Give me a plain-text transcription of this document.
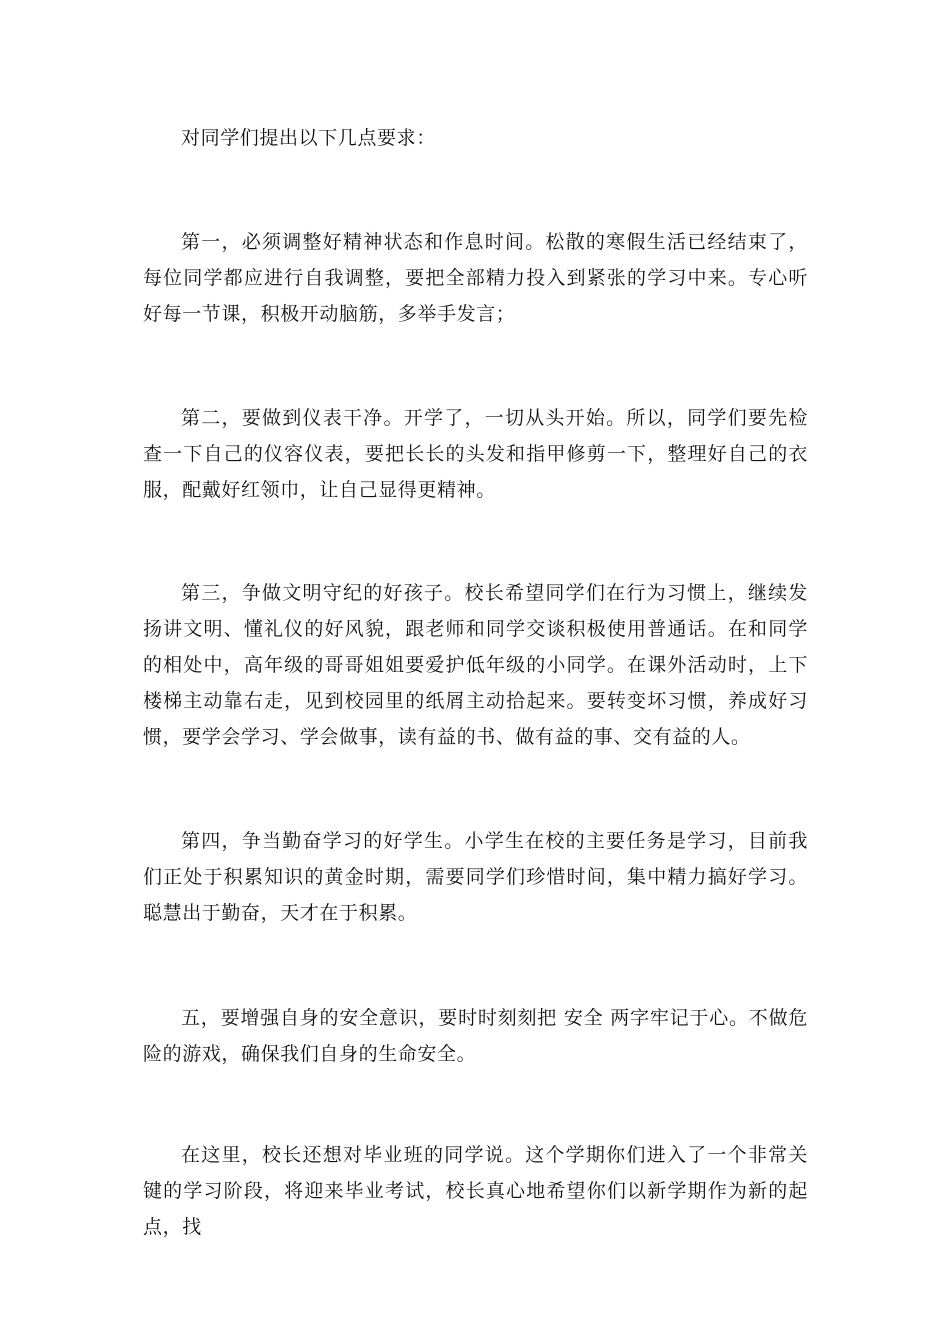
对同学们提出以下几点要求：

第一，必须调整好精神状态和作息时间。松散的寒假生活已经结束了，每位同学都应进行自我调整，要把全部精力投入到紧张的学习中来。专心听好每一节课，积极开动脑筋，多举手发言；

第二，要做到仪表干净。开学了，一切从头开始。所以，同学们要先检查一下自己的仪容仪表，要把长长的头发和指甲修剪一下，整理好自己的衣服，配戴好红领巾，让自己显得更精神。

第三，争做文明守纪的好孩子。校长希望同学们在行为习惯上，继续发扬讲文明、懂礼仪的好风貌，跟老师和同学交谈积极使用普通话。在和同学的相处中，高年级的哥哥姐姐要爱护低年级的小同学。在课外活动时，上下楼梯主动靠右走，见到校园里的纸屑主动拾起来。要转变坏习惯，养成好习惯，要学会学习、学会做事，读有益的书、做有益的事、交有益的人。

第四，争当勤奋学习的好学生。小学生在校的主要任务是学习，目前我们正处于积累知识的黄金时期，需要同学们珍惜时间，集中精力搞好学习。聪慧出于勤奋，天才在于积累。

五，要增强自身的安全意识，要时时刻刻把 安全 两字牢记于心。不做危险的游戏，确保我们自身的生命安全。

在这里，校长还想对毕业班的同学说。这个学期你们进入了一个非常关键的学习阶段，将迎来毕业考试，校长真心地希望你们以新学期作为新的起点，找
